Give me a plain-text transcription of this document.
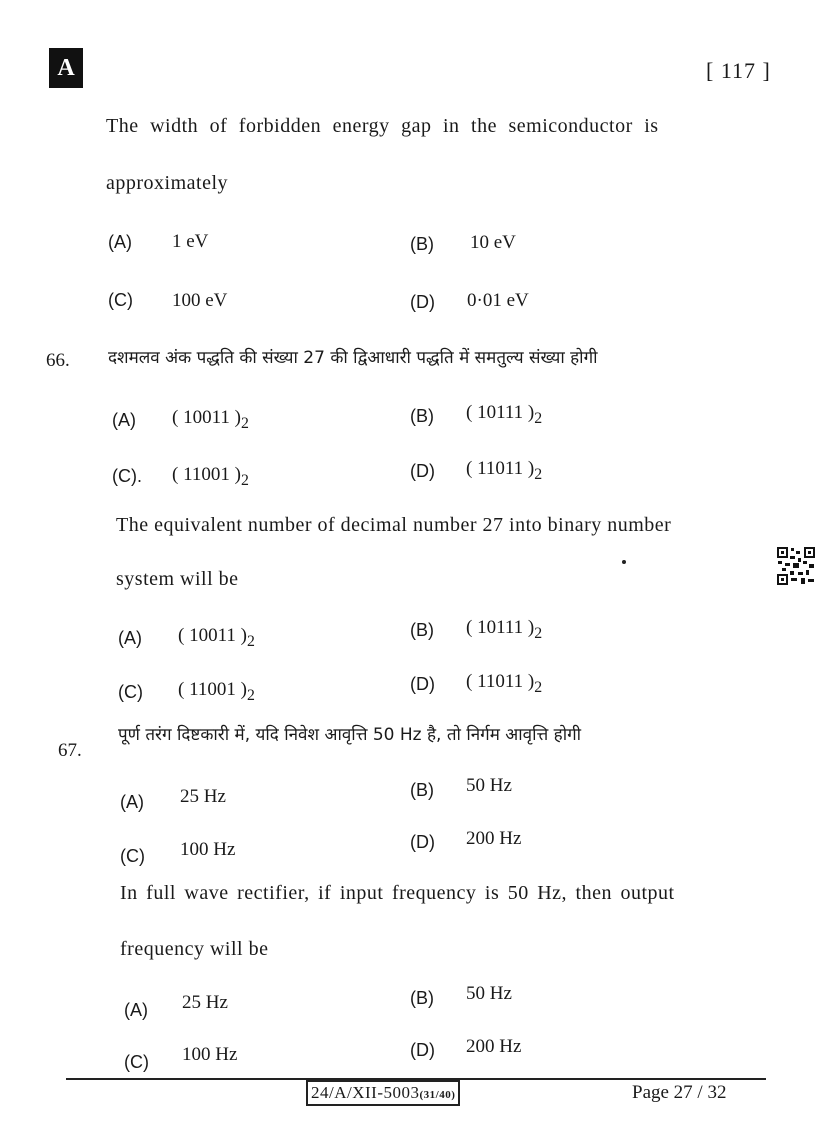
A	[ 117 ]
The width of forbidden energy gap in the semiconductor is
approximately
(A) 1 eV	(B) 10 eV
(C) 100 eV	(D) 0·01 eV
66. दशमलव अंक पद्धति की संख्या 27 की द्विआधारी पद्धति में समतुल्य संख्या होगी
(A) ( 10011 )$_2$	(B) ( 10111 )$_2$
(C). ( 11001 )$_2$	(D) ( 11011 )$_2$
The equivalent number of decimal number 27 into binary number
system will be
(A) ( 10011 )$_2$
(B) ( 10111 )$_2$
(C) ( 11001 )$_2$
(D) ( 11011 )$_2$
67.
पूर्ण तरंग दिष्टकारी में, यदि निवेश आवृत्ति 50 Hz है, तो निर्गम आवृत्ति होगी
(A) 25 Hz	(B) 50 Hz
(C) 100 Hz	(D) 200 Hz
In full wave rectifier, if input frequency is 50 Hz, then output
frequency will be
(A) 25 Hz	(B) 50 Hz
(C) 100 Hz	(D) 200 Hz
24/A/XII-5003(31/40)	Page 27 / 32
